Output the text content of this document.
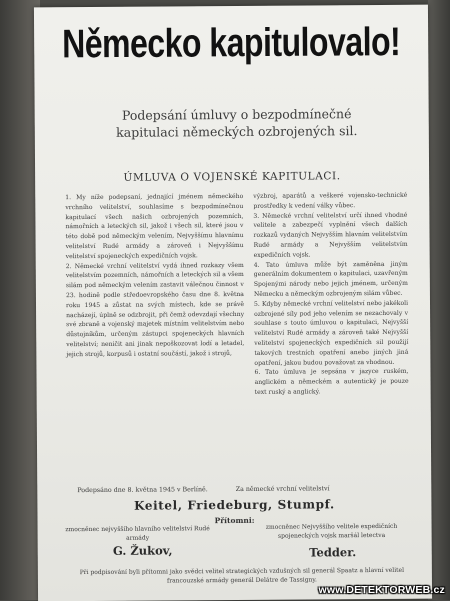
Německo kapitulovalo!
Podepsání úmluvy o bezpodmínečné
kapitulaci německých ozbrojených sil.
ÚMLUVA O VOJENSKÉ KAPITULACI.

1. My níže podepsaní, jednající jménem německého vrchního velitelství, souhlasíme s bezpodmínečnou kapitulací všech našich ozbrojených pozemních, námořních a leteckých sil, jakož i všech sil, které jsou v této době pod německým velením, Nejvyššímu hlavnímu velitelství Rudé armády a zároveň i Nejvyššímu velitelství spojeneckých expedičních vojsk.

2. Německé vrchní velitelství vydá ihned rozkazy všem velitelstvím pozemních, námořních a leteckých sil a všem silám pod německým velením zastavit válečnou činnost v 23. hodině podle středoevropského času dne 8. května roku 1945 a zůstat na svých místech, kde se právě nacházejí, úplně se odzbrojit, při čemž odevzdají všechny své zbraně a vojenský majetek místním velitelstvím nebo důstojníkům, určeným zástupci spojeneckých hlavních velitelství; neničit ani jinak nepoškozovat lodí a letadel, jejich strojů, korpusů i ostatní součástí, jakož i strojů,

výzbroj, aparátů a veškeré vojensko-technické prostředky k vedení války vůbec.

3. Německé vrchní velitelství určí ihned vhodné velitele a zabezpečí vyplnění všech dalších rozkazů vydaných Nejvyšším hlavním velitelstvím Rudé armády a Nejvyšším velitelstvím expedičních vojsk.

4. Tato úmluva může být zaměněna jiným generálním dokumentem o kapitulaci, uzavřeným Spojenými národy nebo jejich jménem, určeným Německu a německým ozbrojeným silám vůbec.

5. Kdyby německé vrchní velitelství nebo jakékoli ozbrojené síly pod jeho velením se nezachovaly v souhlase s touto úmluvou o kapitulaci, Nejvyšší velitelství Rudé armády a zároveň také Nejvyšší velitelství spojeneckých expedičních sil použijí takových trestních opatření anebo jiných jiná opatření, jakou budou považovat za vhodnou.

6. Tato úmluva je sepsána v jazyce ruském, anglickém a německém a autentický je pouze text ruský a anglický.

Podepsáno dne 8. května 1945 v Berlíně.	Za německé vrchní velitelství
Keitel, Friedeburg, Stumpf.
Přítomni:
zmocněnec nejvyššího hlavního velitelství Rudé armády
zmocněnec Nejvyššího velitele expedičních spojeneckých vojsk maršál letectva
G. Žukov,	Tedder.
Při podpisování byli přítomni jako svědci velitel strategických vzdušných sil generál Spaatz a hlavní velitel francouzské armády generál Delátre de Tassigny.
www.DETEKTORWEB.cz
